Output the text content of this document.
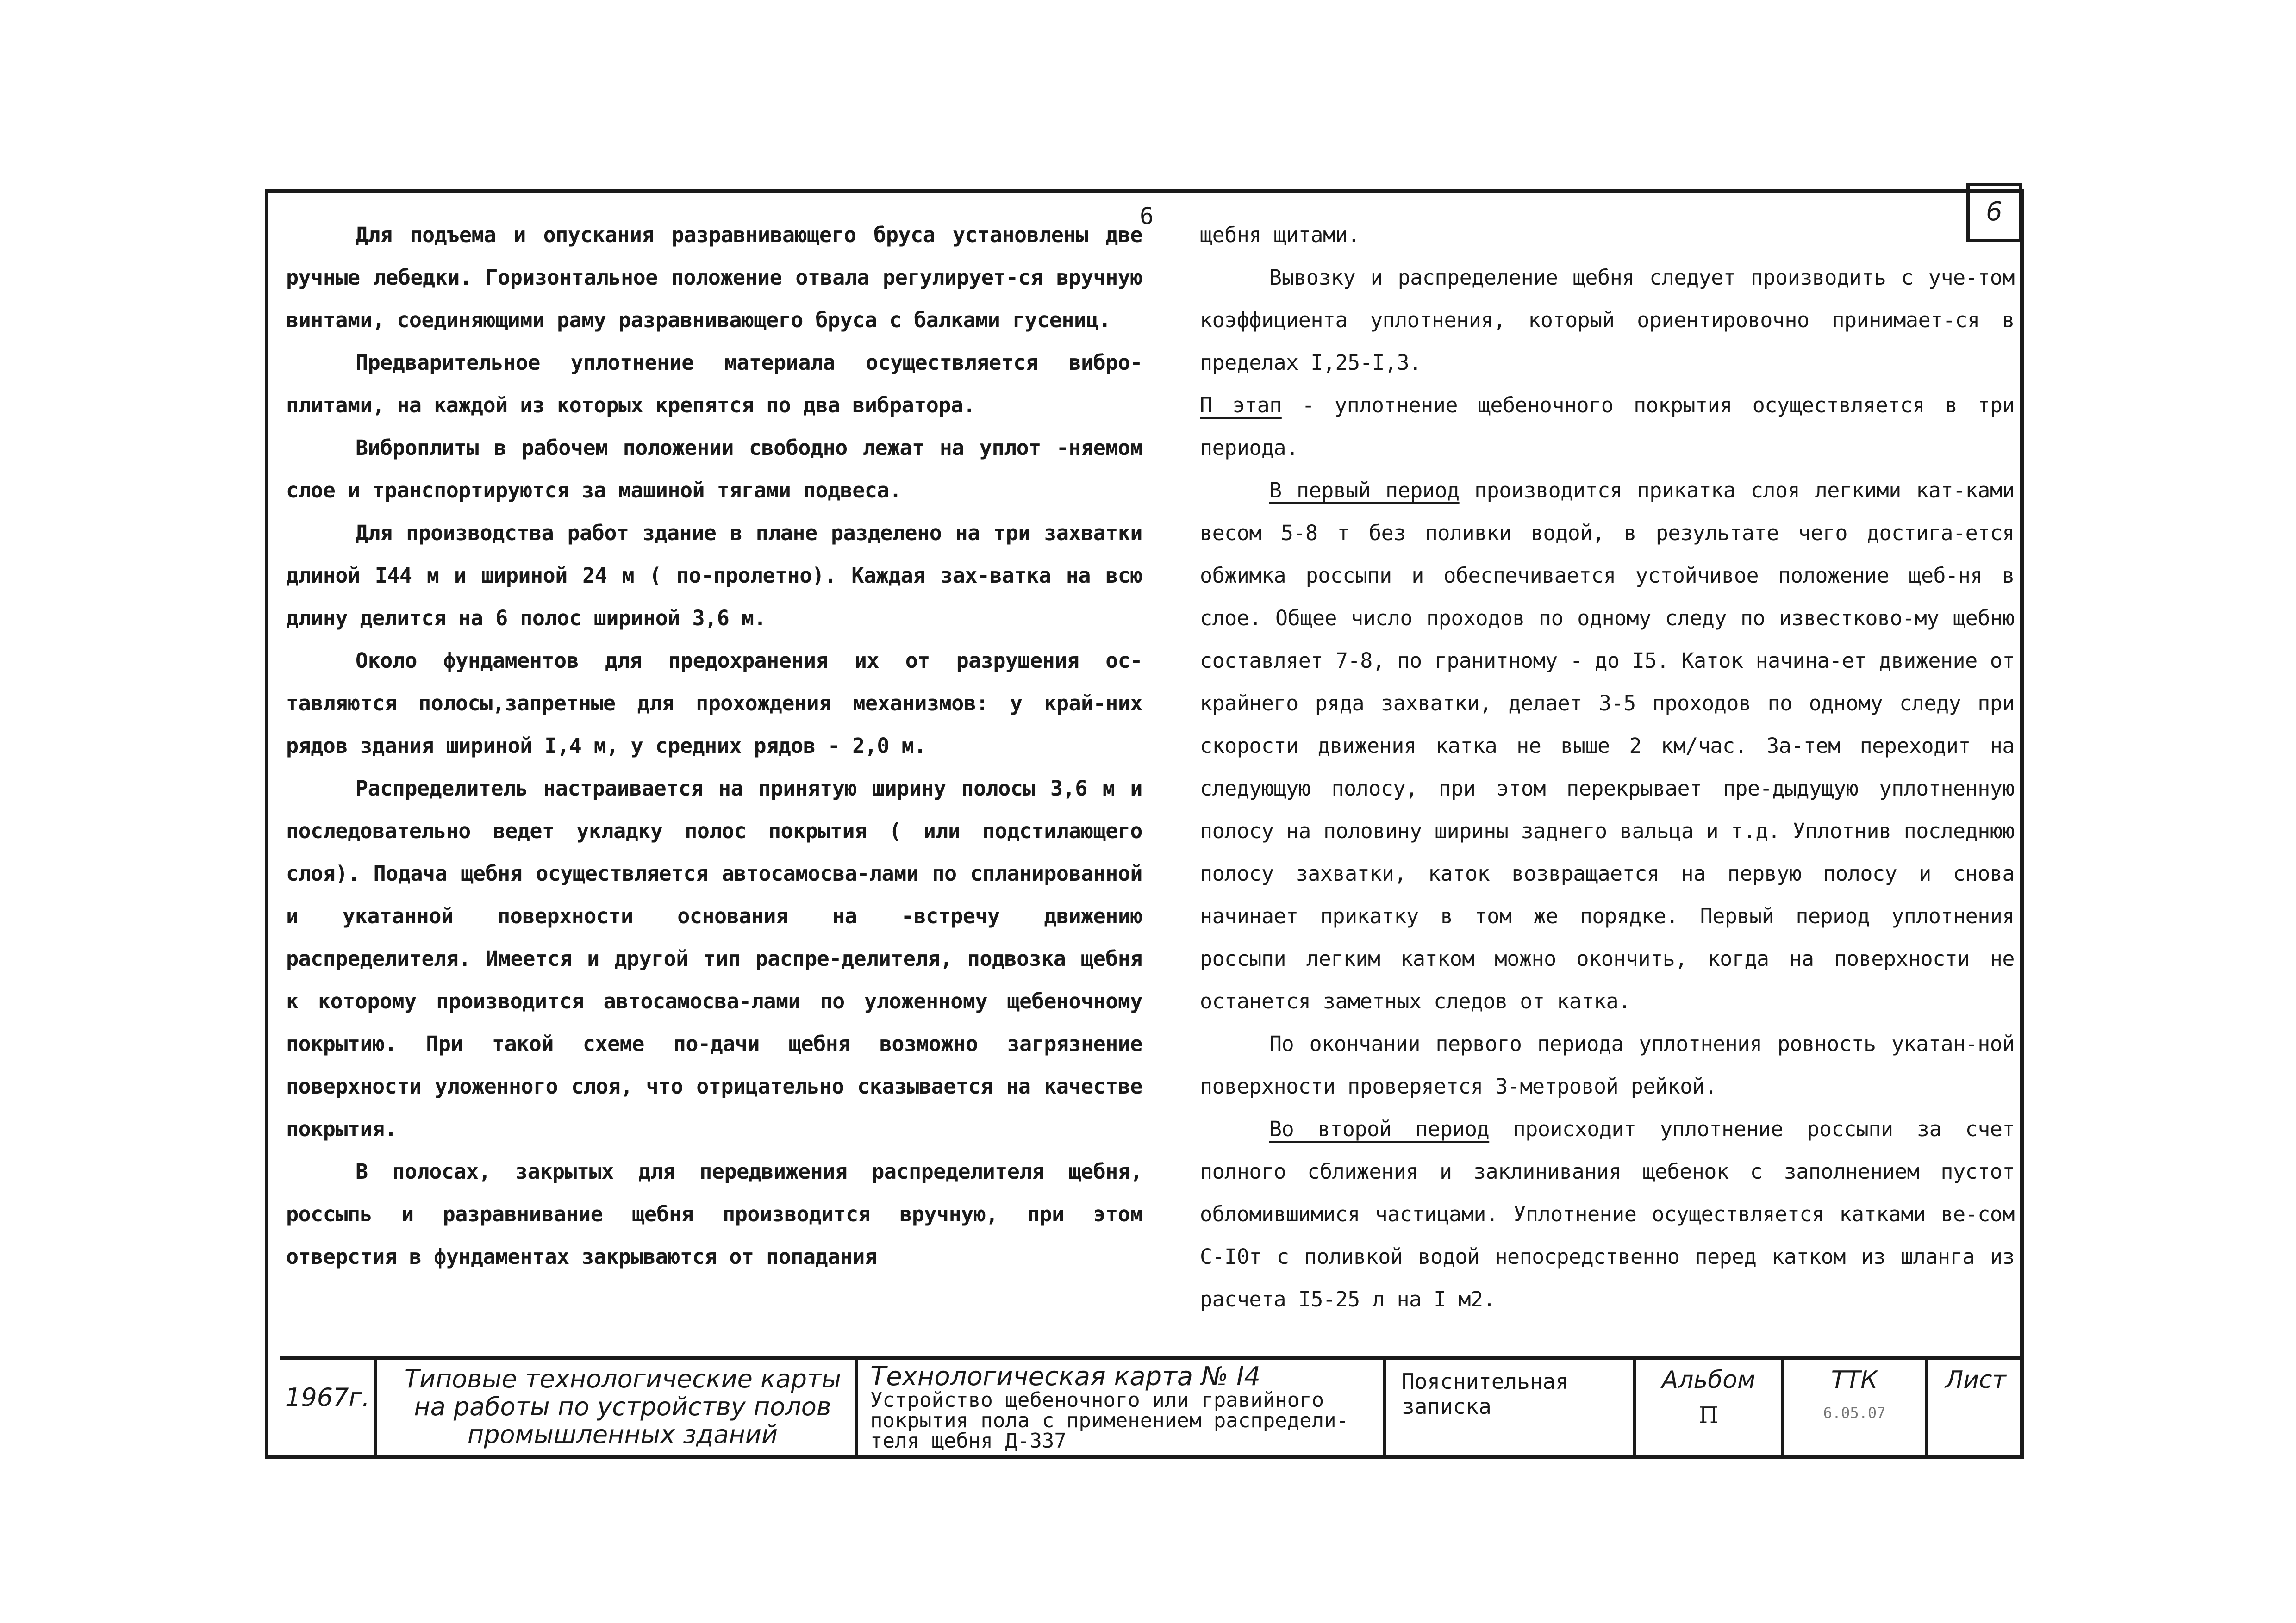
6	6

Для подъема и опускания разравнивающего бруса установлены две ручные лебедки. Горизонтальное положение отвала регулирует-ся вручную винтами, соединяющими раму разравнивающего бруса с балками гусениц.

Предварительное уплотнение материала осуществляется вибро-плитами, на каждой из которых крепятся по два вибратора.

Виброплиты в рабочем положении свободно лежат на уплот -няемом слое и транспортируются за машиной тягами подвеса.

Для производства работ здание в плане разделено на три захватки длиной I44 м и шириной 24 м ( по-пролетно). Каждая зах-ватка на всю длину делится на 6 полос шириной 3,6 м.

Около фундаментов для предохранения их от разрушения ос-тавляются полосы,запретные для прохождения механизмов: у край-них рядов здания шириной I,4 м, у средних рядов - 2,0 м.

Распределитель настраивается на принятую ширину полосы 3,6 м и последовательно ведет укладку полос покрытия ( или подстилающего слоя). Подача щебня осуществляется автосамосва-лами по спланированной и укатанной поверхности основания на -встречу движению распределителя. Имеется и другой тип распре-делителя, подвозка щебня к которому производится автосамосва-лами по уложенному щебеночному покрытию. При такой схеме по-дачи щебня возможно загрязнение поверхности уложенного слоя, что отрицательно сказывается на качестве покрытия.

В полосах, закрытых для передвижения распределителя щебня, россыпь и разравнивание щебня производится вручную, при этом отверстия в фундаментах закрываются от попадания

щебня щитами.

Вывозку и распределение щебня следует производить с уче-том коэффициента уплотнения, который ориентировочно принимает-ся в пределах I,25-I,3.

П этап - уплотнение щебеночного покрытия осуществляется в три периода.

В первый период производится прикатка слоя легкими кат-ками весом 5-8 т без поливки водой, в результате чего достига-ется обжимка россыпи и обеспечивается устойчивое положение щеб-ня в слое. Общее число проходов по одному следу по известково-му щебню составляет 7-8, по гранитному - до I5. Каток начина-ет движение от крайнего ряда захватки, делает 3-5 проходов по одному следу при скорости движения катка не выше 2 км/час. За-тем переходит на следующую полосу, при этом перекрывает пре-дыдущую уплотненную полосу на половину ширины заднего вальца и т.д. Уплотнив последнюю полосу захватки, каток возвращается на первую полосу и снова начинает прикатку в том же порядке. Первый период уплотнения россыпи легким катком можно окончить, когда на поверхности не останется заметных следов от катка.

По окончании первого периода уплотнения ровность укатан-ной поверхности проверяется 3-метровой рейкой.

Во второй период происходит уплотнение россыпи за счет полного сближения и заклинивания щебенок с заполнением пустот обломившимися частицами. Уплотнение осуществляется катками ве-сом С-I0т с поливкой водой непосредственно перед катком из шланга из расчета I5-25 л на I м2.

1967г.
Типовые технологические карты на работы по устройству полов промышленных зданий
Технологическая карта № I4
Устройство щебеночного или гравийного покрытия пола с применением распредели-теля щебня Д-337
Пояснительная записка
Альбом
П
ТТК
6.05.07
Лист
